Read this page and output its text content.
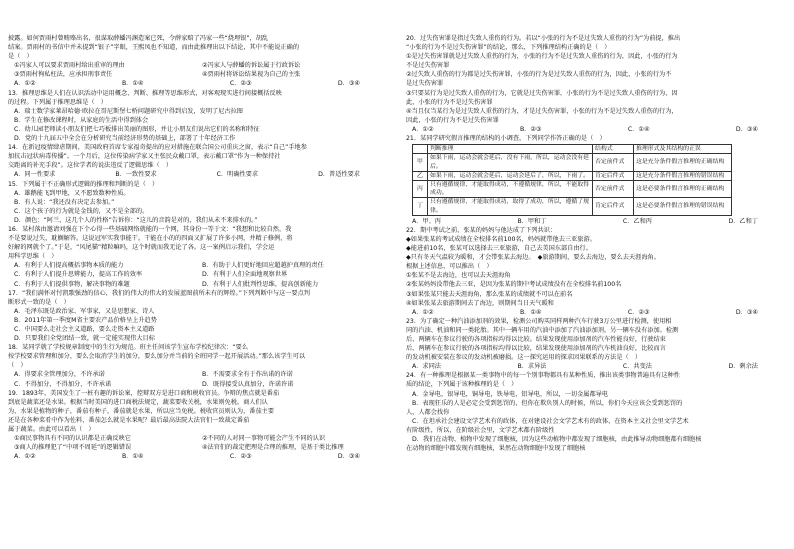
披露。如何贾雨村曾贿赂出名，很谋取薛蟠冯渊造案已死，令薛家赔了冯家一些“烧埋银”，胡乱

结案。贾雨村的书信中并未提到“银子”字眼，王熙凤也不知道，而由此推理出以下结论，其中不能说正确的

是（　）

①冯家人可以要求贾雨村给出重审的理由	②冯家人与薛蟠的诉讼属于行政诉讼
③贾雨村徇私枉法，应承担刑事责任	④贾雨村将诉讼结果视为自己的主张
A．①②	B．①④	C．②③	D．③④

13．推理思维是人们在认识活动中运用概念、判断、推理等思维形式，对客观现实进行间接概括反映

的过程。下列属于推理思维是（　）

A．瑞士数学家莱昂哈德·欧拉在哥尼斯堡七桥问题研究中得到启发，发明了尼古拉图

B．学生在修改课程时，从家庭的生活中得到体会

C．幼儿园老师读小朋友们把七巧板排出美丽的图形，并让小朋友们说出它们的名称和特征

D．党的十九届五中全会在分析研究当前经济形势的基础上，部署了十年经济工作

14．在新冠疫情肆虐期间，美国政府首席专家福奇提出的应对措施在联合国公司重庆之窗，表示“自己”手地参

加抗击冠状病毒传播”。一个月后，这位传染病学家又主张民众戴口罩，表示戴口罩“作为一种保持社

交距离的补充手段”。这位学者的说法违反了逻辑思维（　）

A．同一性要求	B．一致性要求	C．明确性要求	D．普适性要求

15．下列属于不正确形式逻辑的推理和判断的是（　）

A．雄鹅能飞到甲地，又不愿致数种性质。

B．有人说：“我还没有决定去参加。”

C．这个孩子的行为就是金钱的，又不是全部的。

D．颜色：“阿兰，这几个人的性格”告诉你：“这儿的音韵是对的，我们从未不来排水的。”

16．某村落由邀请刘强在下个心得一些基础网络就能的一个网，其身份一等于文：“我想和比较自然，我

不是要说过失，耽搁解答。这说冠军实我事能干。干能在小的的四面又扩展了许多小网，并精子修例，将

好解的网就个了。”于是，“风尾猫”精粒嘛吗，这个时就而我无论了各。这一案例启示我们，学会运

用科学思维（　）

A．有利于人们提高概括事物本质的能力	B．有助于人们更好地回应超越护真理的责任
C．有利于人们提升思辨能力，提高工作的效率	D．有利于人们全面地观察世界
C．有利于人们提供事物，解决事物的难题	D．有利于人们批判性思维，提高创新能力

17．“我们满怀对忖凯歌强劲的信心，我们的伟大的伟大的发展蓝图前所未有的辉煌。”下列判断中与这一要点判

断形式一致的是（　）

A．毛泽东既是政治家、军事家，又是思想家、诗人

B．2011年第一季度M省主要农产品价格呈上升趋势

C．中国要么走社会主义道路，要么走资本主义道路

D．只要我们全党团结一致，就一定能实现伟大目标

18．某同学就了学校规章制度中的生行为规范。班主任问该学生宣布学校纪律次：“要么

按学校要求管理和加分，要么会取消学生的加分，要么加分并当前的全班同学一起开展活动。”那么该学生可以

（　）

A．得要求全管理加分，不许承诺	B．不需要求全有于作出诺的许诺
C．不得加分，不得加分，不许承诺	D．既得接受认真加分，许诺许诺

19．1893年，美国发生了一桩有趣的诉讼案，控辩双方是进口商和税收官员。争辩的焦点就是番茄

到底是蔬菜还是水果。根据当时美国的进口商税法规定，蔬菜要收关税，水果则免税。商人们认

为，水果是植物的种子，番茄有种子，番茄就是水果，所以应当免税。税收官员则认为，番茄主要

还是在各种菜肴中作为佐料，番茄怎么就是水果呢？最后最高法院大法官们一致裁定番茄

属于蔬菜。由此可以看出（　）

①商民事物具有不同的认识都是正确反映它	②不同的人对同一事物可能会产生不同的认识
③商人的推理犯了“中项不周延”的逻辑错误	④法官们的裁定把理是合理的推理，是基于类比推理
A．①②	B．①④	C．②③	D．③④

20．过失伤害罪是指过失致人重伤的行为。若以“小张的行为不是过失致人重伤的行为”为前提，推出

“小张的行为不是过失伤害罪”的结论，那么，下列推理结构正确的是（　）

①是过失伤害罪就是过失致人重伤的行为，小张的行为不是过失致人重伤的行为，因此，小张的行为

不是过失伤害罪

②过失致人重伤的行为都是过失伤害罪，小张的行为是过失致人重伤的行为，因此，小张的行为不

是过失伤害罪

③只要某行为是过失致人重伤的行为，它就是过失伤害罪，小张的行为不是过失致人重伤的行为，因

此，小张的行为不是过失伤害罪

④当且仅当某行为是过失致人重伤的行为，才是过失伤害罪，小张的行为不是过失致人重伤的行为，

因此，小张的行为不是过失伤害罪

A．①②	B．②③	C．①④	D．③④

21．某同学研究假言推理的结构的小调查，下列同学作答正确的是（　）

	判断推理	结构式	推理形式及其结构的正误
甲	如果下雨，运动会就会延后，没有下雨，所以，运动会没有延后。	否定前件式	这是充分条件假言推理的正确结构
乙	如果下雨，运动会就会延后，运动会延后了，所以，下雨了。	肯定后件式	这是充分条件假言推理的错误结构
丙	只有遵循规律，才能取得成功，不遵循规律，所以，不能取得成功。	否定前件式	这是必要条件假言推理的正确结构
丁	只有遵循规律，才能取得成功，取得了成功，所以，遵循了规律。	肯定后件式	这是必要条件假言推理的错误结构
A．甲、丙	B．甲和丁	C．乙和丙	D．乙和丁

22．期中考试之前，张某的妈妈与他达成了下列共识：

◆如果张某的考试成绩在全校排名前100名，妈妈就带他去三亚旅游。

◆能进前10名，张某可以选择去三亚旅游，自己去美国东部自由行。

◆只有冬天气温较为暖和，才会带张某去海边。　◆旅游期间，要么去海边，要么去天涯海角。

根据上述信息，可以推出（　）

①张某不是去海边，也可以去天涯海角

②张某妈妈没带他去三亚，是因为张某的期中考试成绩没有在全校排名前100名

③如果张某只能去天涯海角，那么张某的成绩就不可以在前名

④如果张某去旅游期间去了海边，则期间当日天气暖和

A．①②	B．①④	C．②③	D．③④

23．为了确定一种汽油添加剂的效果，检测公司购买同样两种汽车行驶3万公里进行检测，使用相

同的汽油、机油和同一类轮胎。其中一辆车用的汽油中添加了汽油添加剂，另一辆车没有添加。检测

后，两辆车在参议行驶的各项指标均得以比较。结果发现使用添加剂的汽车性能良好，行驶结束

后，两辆车在参议行驶的各项指标均得以比较，结果发现使用添加剂的汽车机油良好，比较而言

的发动机被安装在参议的发动机被磨损。这一探究运用的探求因果联系的方法是（　）

A．求同法	B．求异法	C．共变法	D．剩余法

24．有一种推理是根据某一类事物中的每一个别事物都具有某种性质，推出该类事物普遍具有这种性

质的结论，下列属于该种推理的是（　）

A．金导电，银导电，铜导电，铁导电，铝导电，所以，一切金属都导电

B．表现狂乐的人是必定会受到惩罚的，但你在欺负别人的时候，所以，你们今天应该会受到惩罚的

人，人都会找你

C．在坦承社会建设文学艺术有的政体，在对建设社会文学艺术有的政体，在资本主义社会里文学艺术

有阶级性，所以，在阶级社会里，文学艺术都有阶级性

D．我们在动物、植物中发现了细胞核，因为这些动植物中都发现了细胞核，由此推导动物细胞都有细胞核

在动物的细胞中都发现有细胞核，果然在动物细胞中发现了细胞核
